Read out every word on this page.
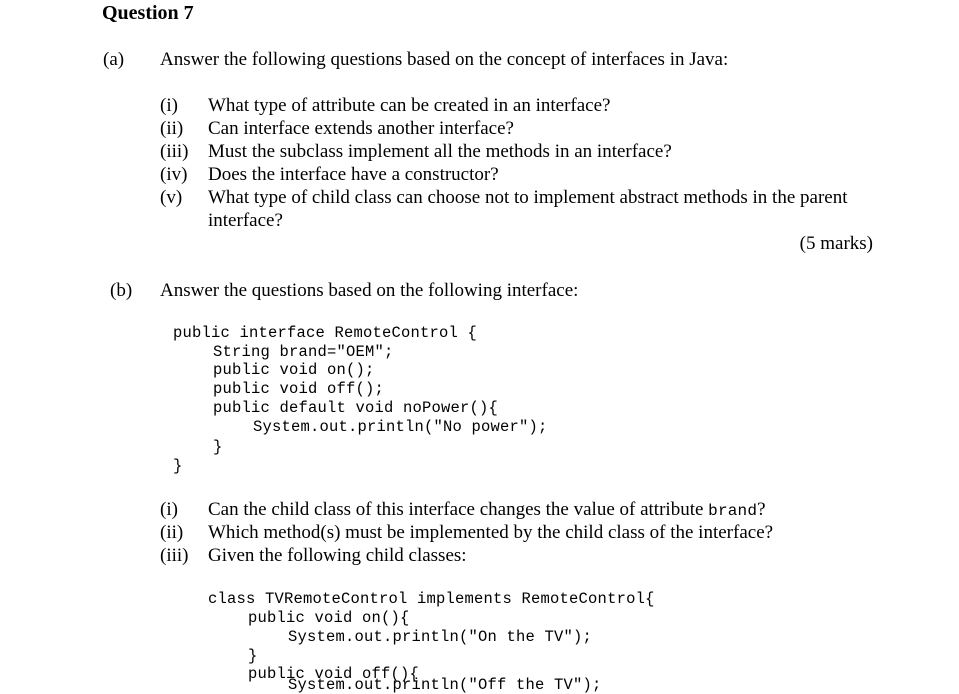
Question 7
(a) Answer the following questions based on the concept of interfaces in Java:
(i) What type of attribute can be created in an interface?
(ii) Can interface extends another interface?
(iii) Must the subclass implement all the methods in an interface?
(iv) Does the interface have a constructor?
(v) What type of child class can choose not to implement abstract methods in the parent
interface?
(5 marks)
(b) Answer the questions based on the following interface:
public interface RemoteControl {
String brand="OEM";
public void on();
public void off();
public default void noPower(){
System.out.println("No power");
}
}
(i) Can the child class of this interface changes the value of attribute brand?
(ii) Which method(s) must be implemented by the child class of the interface?
(iii) Given the following child classes:
class TVRemoteControl implements RemoteControl{
public void on(){
System.out.println("On the TV");
}
public void off(){
System.out.println("Off the TV");
